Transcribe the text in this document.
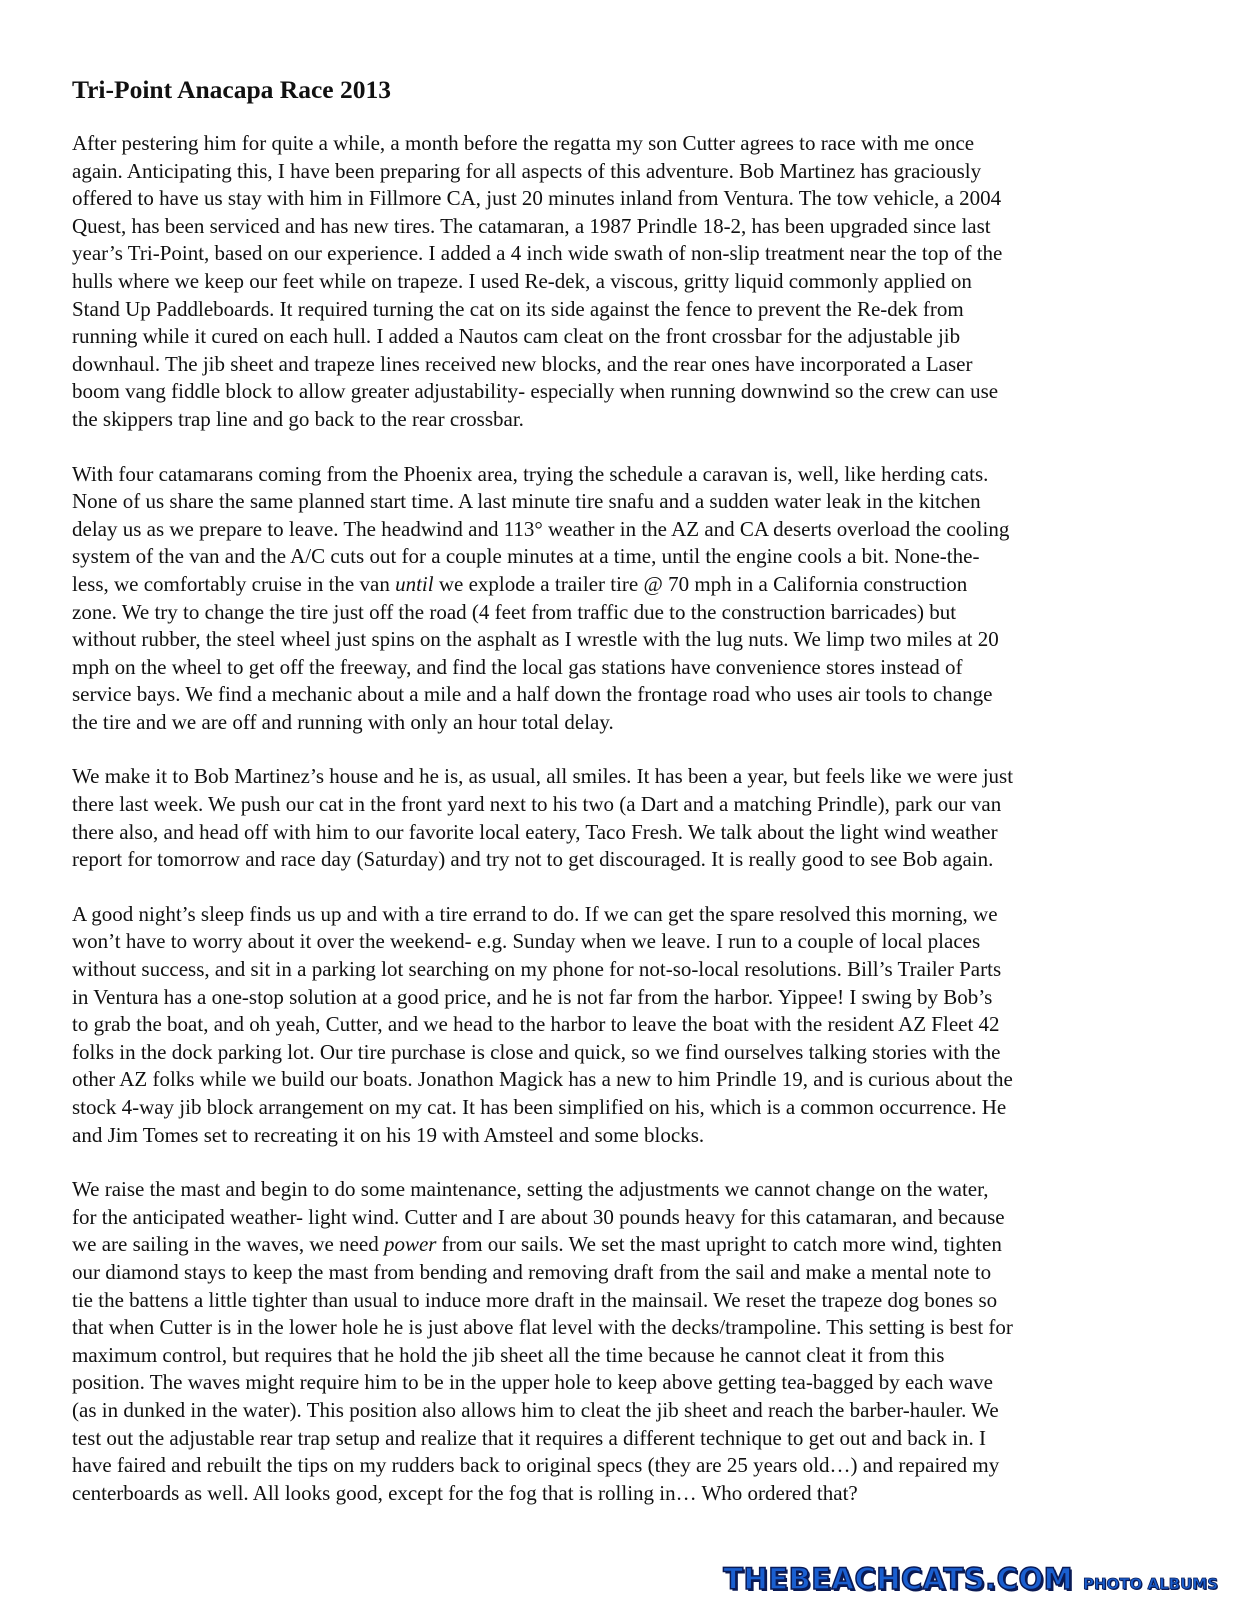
Tri-Point Anacapa Race 2013

After pestering him for quite a while, a month before the regatta my son Cutter agrees to race with me once
again. Anticipating this, I have been preparing for all aspects of this adventure. Bob Martinez has graciously
offered to have us stay with him in Fillmore CA, just 20 minutes inland from Ventura. The tow vehicle, a 2004
Quest, has been serviced and has new tires. The catamaran, a 1987 Prindle 18-2, has been upgraded since last
year’s Tri-Point, based on our experience. I added a 4 inch wide swath of non-slip treatment near the top of the
hulls where we keep our feet while on trapeze. I used Re-dek, a viscous, gritty liquid commonly applied on
Stand Up Paddleboards. It required turning the cat on its side against the fence to prevent the Re-dek from
running while it cured on each hull. I added a Nautos cam cleat on the front crossbar for the adjustable jib
downhaul. The jib sheet and trapeze lines received new blocks, and the rear ones have incorporated a Laser
boom vang fiddle block to allow greater adjustability- especially when running downwind so the crew can use
the skippers trap line and go back to the rear crossbar.

With four catamarans coming from the Phoenix area, trying the schedule a caravan is, well, like herding cats.
None of us share the same planned start time. A last minute tire snafu and a sudden water leak in the kitchen
delay us as we prepare to leave. The headwind and 113° weather in the AZ and CA deserts overload the cooling
system of the van and the A/C cuts out for a couple minutes at a time, until the engine cools a bit. None-the-
less, we comfortably cruise in the van until we explode a trailer tire @ 70 mph in a California construction
zone. We try to change the tire just off the road (4 feet from traffic due to the construction barricades) but
without rubber, the steel wheel just spins on the asphalt as I wrestle with the lug nuts. We limp two miles at 20
mph on the wheel to get off the freeway, and find the local gas stations have convenience stores instead of
service bays. We find a mechanic about a mile and a half down the frontage road who uses air tools to change
the tire and we are off and running with only an hour total delay.

We make it to Bob Martinez’s house and he is, as usual, all smiles. It has been a year, but feels like we were just
there last week. We push our cat in the front yard next to his two (a Dart and a matching Prindle), park our van
there also, and head off with him to our favorite local eatery, Taco Fresh. We talk about the light wind weather
report for tomorrow and race day (Saturday) and try not to get discouraged. It is really good to see Bob again.

A good night’s sleep finds us up and with a tire errand to do. If we can get the spare resolved this morning, we
won’t have to worry about it over the weekend- e.g. Sunday when we leave. I run to a couple of local places
without success, and sit in a parking lot searching on my phone for not-so-local resolutions. Bill’s Trailer Parts
in Ventura has a one-stop solution at a good price, and he is not far from the harbor. Yippee! I swing by Bob’s
to grab the boat, and oh yeah, Cutter, and we head to the harbor to leave the boat with the resident AZ Fleet 42
folks in the dock parking lot. Our tire purchase is close and quick, so we find ourselves talking stories with the
other AZ folks while we build our boats. Jonathon Magick has a new to him Prindle 19, and is curious about the
stock 4-way jib block arrangement on my cat. It has been simplified on his, which is a common occurrence. He
and Jim Tomes set to recreating it on his 19 with Amsteel and some blocks.

We raise the mast and begin to do some maintenance, setting the adjustments we cannot change on the water,
for the anticipated weather- light wind. Cutter and I are about 30 pounds heavy for this catamaran, and because
we are sailing in the waves, we need power from our sails. We set the mast upright to catch more wind, tighten
our diamond stays to keep the mast from bending and removing draft from the sail and make a mental note to
tie the battens a little tighter than usual to induce more draft in the mainsail. We reset the trapeze dog bones so
that when Cutter is in the lower hole he is just above flat level with the decks/trampoline. This setting is best for
maximum control, but requires that he hold the jib sheet all the time because he cannot cleat it from this
position. The waves might require him to be in the upper hole to keep above getting tea-bagged by each wave
(as in dunked in the water). This position also allows him to cleat the jib sheet and reach the barber-hauler. We
test out the adjustable rear trap setup and realize that it requires a different technique to get out and back in. I
have faired and rebuilt the tips on my rudders back to original specs (they are 25 years old…) and repaired my
centerboards as well. All looks good, except for the fog that is rolling in… Who ordered that?

THEBEACHCATS.COM PHOTO ALBUMS
